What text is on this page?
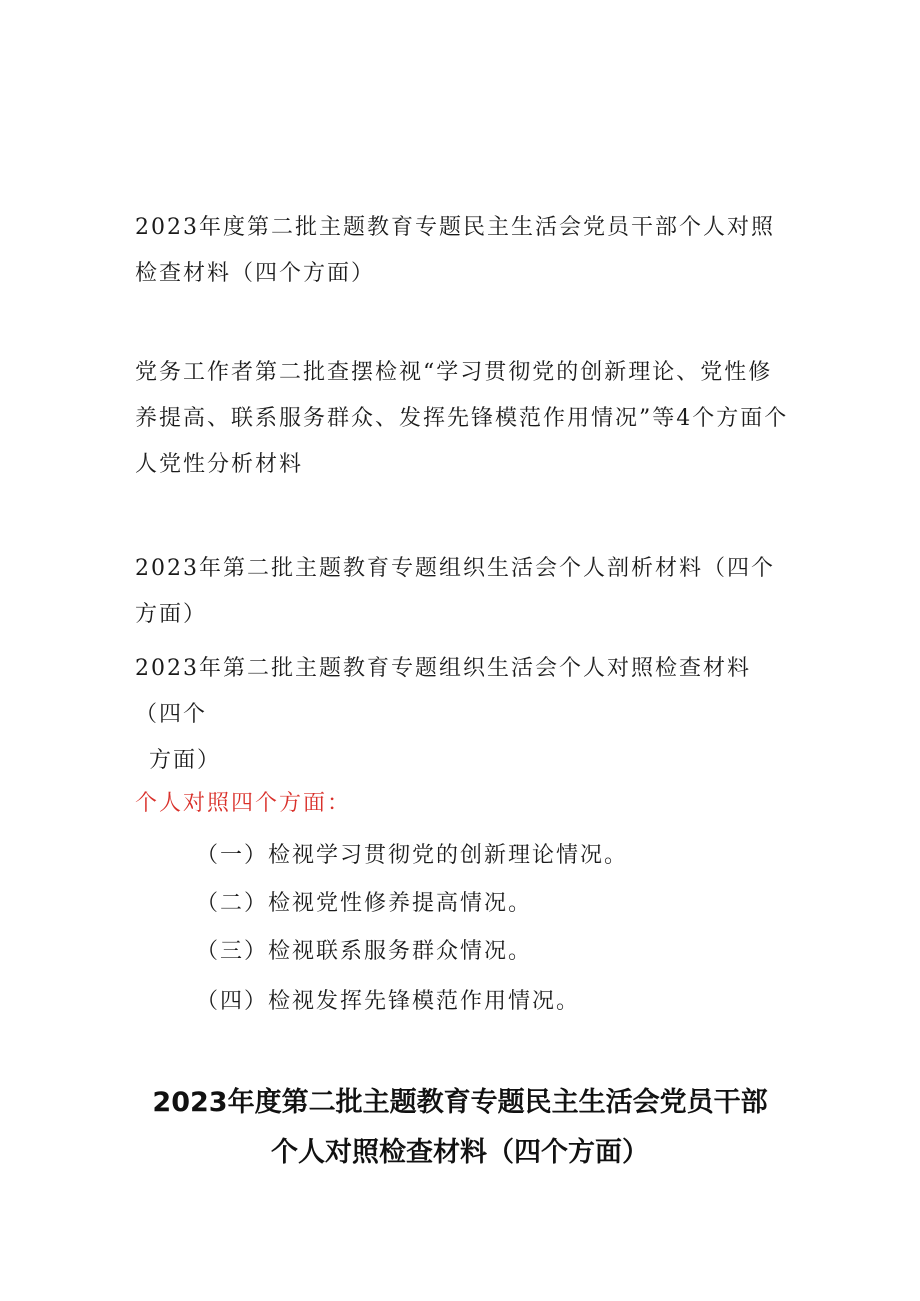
2023年度第二批主题教育专题民主生活会党员干部个人对照检查材料（四个方面）

党务工作者第二批查摆检视“学习贯彻党的创新理论、党性修养提高、联系服务群众、发挥先锋模范作用情况”等4个方面个人党性分析材料

2023年第二批主题教育专题组织生活会个人剖析材料（四个方面）

2023年第二批主题教育专题组织生活会个人对照检查材料（四个
方面）

个人对照四个方面：

（一）检视学习贯彻党的创新理论情况。

（二）检视党性修养提高情况。

（三）检视联系服务群众情况。

（四）检视发挥先锋模范作用情况。

2023年度第二批主题教育专题民主生活会党员干部
个人对照检查材料（四个方面）
